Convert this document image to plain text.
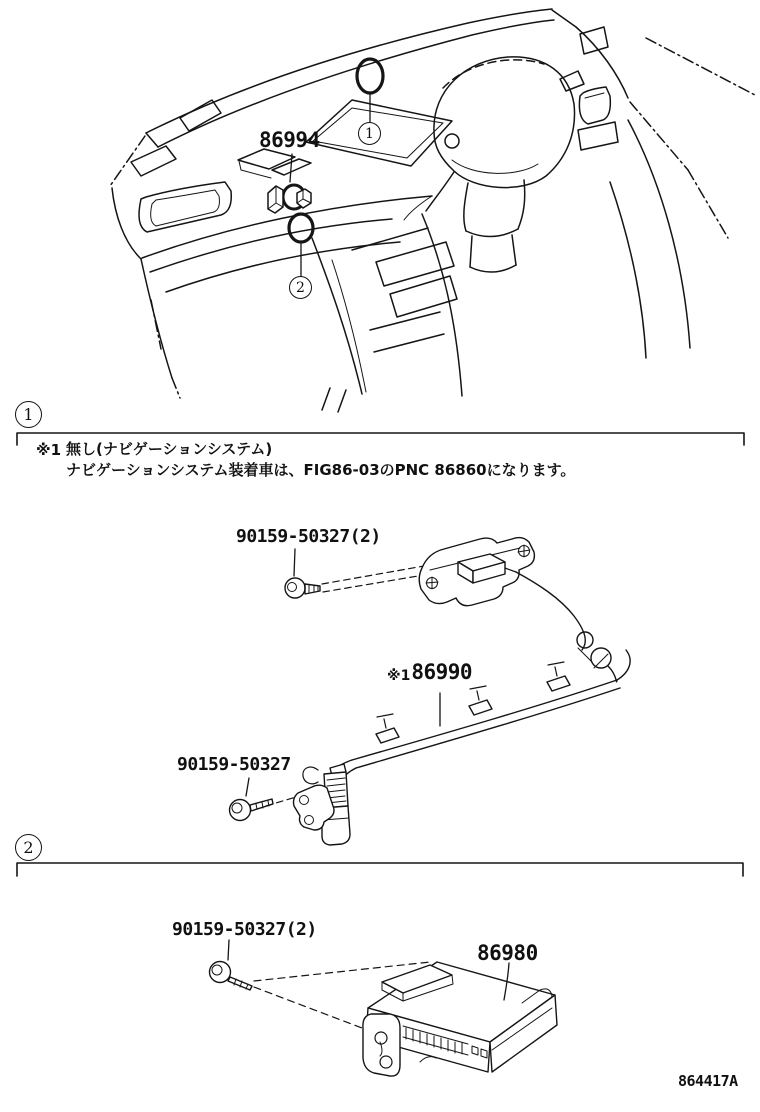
86994	1
2
1
※1 無し(ナビゲーションシステム)
ナビゲーションシステム装着車は、FIG86-03のPNC 86860になります。
90159-50327(2)
※1 86990
90159-50327
2
90159-50327(2)
86980
864417A
